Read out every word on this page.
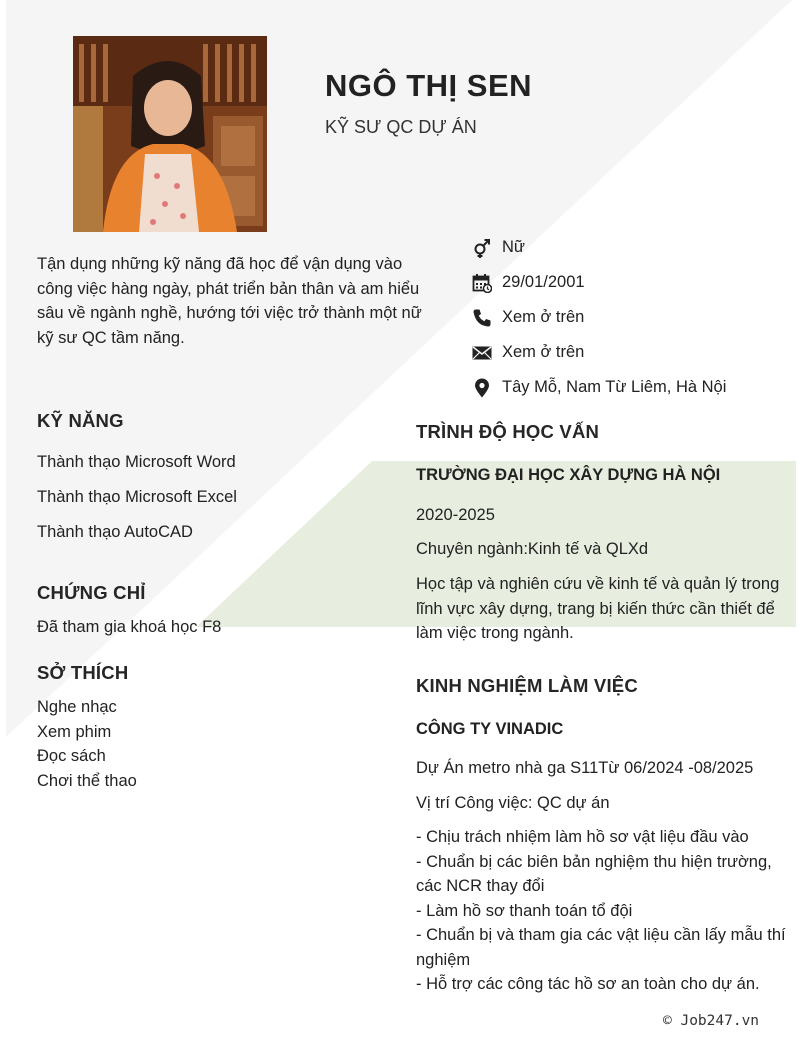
NGÔ THỊ SEN
KỸ SƯ QC DỰ ÁN
Tận dụng những kỹ năng đã học để vận dụng vào công việc hàng ngày, phát triển bản thân và am hiểu sâu về ngành nghề, hướng tới việc trở thành một nữ kỹ sư QC tầm năng.
Nữ
29/01/2001
Xem ở trên
Xem ở trên
Tây Mỗ, Nam Từ Liêm, Hà Nội
KỸ NĂNG
Thành thạo Microsoft Word
Thành thạo Microsoft Excel
Thành thạo AutoCAD
CHỨNG CHỈ
Đã tham gia khoá học F8
SỞ THÍCH
Nghe nhạc
Xem phim
Đọc sách
Chơi thể thao
TRÌNH ĐỘ HỌC VẤN
TRƯỜNG ĐẠI HỌC XÂY DỰNG HÀ NỘI
2020-2025
Chuyên ngành:Kinh tế và QLXd
Học tập và nghiên cứu về kinh tế và quản lý trong lĩnh vực xây dựng, trang bị kiến thức cần thiết để làm việc trong ngành.
KINH NGHIỆM LÀM VIỆC
CÔNG TY VINADIC
Dự Án metro nhà ga S11Từ 06/2024 -08/2025
Vị trí Công việc: QC dự án
- Chịu trách nhiệm làm hồ sơ vật liệu đầu vào
- Chuẩn bị các biên bản nghiệm thu hiện trường, các NCR thay đổi
- Làm hồ sơ thanh toán tổ đội
- Chuẩn bị và tham gia các vật liệu cần lấy mẫu thí nghiệm
- Hỗ trợ các công tác hồ sơ an toàn cho dự án.
© Job247.vn
